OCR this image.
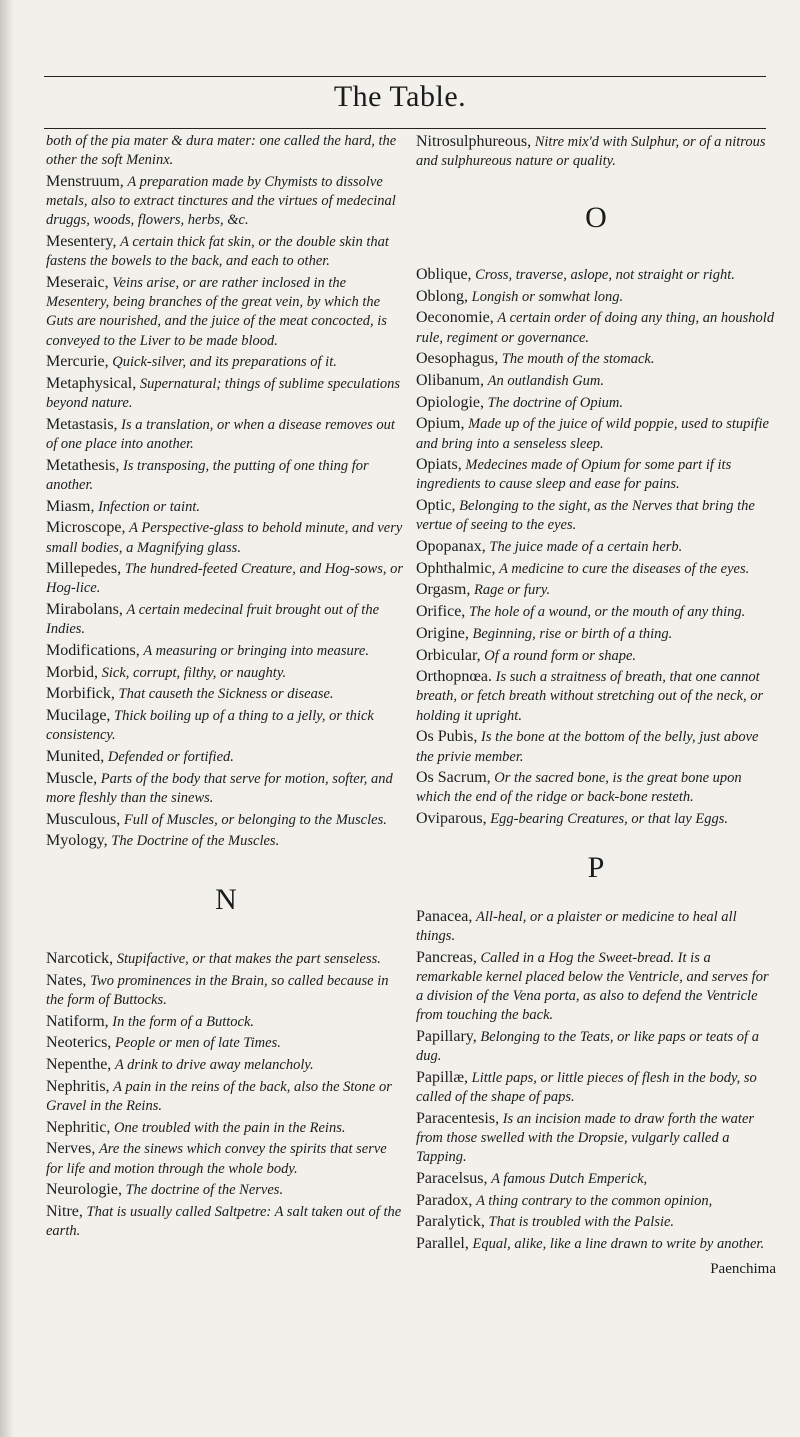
The Table.
both of the pia mater & dura mater: one called the hard, the other the soft Meninx.
Menstruum, A preparation made by Chymists to dissolve metals, also to extract tinctures and the virtues of medecinal druggs, woods, flowers, herbs, &c.
Mesentery, A certain thick fat skin, or the double skin that fastens the bowels to the back, and each to other.
Meseraic, Veins arise, or are rather inclosed in the Mesentery, being branches of the great vein, by which the Guts are nourished, and the juice of the meat concocted, is conveyed to the Liver to be made blood.
Mercurie, Quick-silver, and its preparations of it.
Metaphysical, Supernatural; things of sublime speculations beyond nature.
Metastasis, Is a translation, or when a disease removes out of one place into another.
Metathesis, Is transposing, the putting of one thing for another.
Miasm, Infection or taint.
Microscope, A Perspective-glass to behold minute, and very small bodies, a Magnifying glass.
Millepedes, The hundred-feeted Creature, and Hog-sows, or Hog-lice.
Mirabolans, A certain medecinal fruit brought out of the Indies.
Modifications, A measuring or bringing into measure.
Morbid, Sick, corrupt, filthy, or naughty.
Morbifick, That causeth the Sickness or disease.
Mucilage, Thick boiling up of a thing to a jelly, or thick consistency.
Munited, Defended or fortified.
Muscle, Parts of the body that serve for motion, softer, and more fleshly than the sinews.
Musculous, Full of Muscles, or belonging to the Muscles.
Myology, The Doctrine of the Muscles.
N
Narcotick, Stupifactive, or that makes the part senseless.
Nates, Two prominences in the Brain, so called because in the form of Buttocks.
Natiform, In the form of a Buttock.
Neoterics, People or men of late Times.
Nepenthe, A drink to drive away melancholy.
Nephritis, A pain in the reins of the back, also the Stone or Gravel in the Reins.
Nephritic, One troubled with the pain in the Reins.
Nerves, Are the sinews which convey the spirits that serve for life and motion through the whole body.
Neurologie, The doctrine of the Nerves.
Nitre, That is usually called Saltpetre: A salt taken out of the earth.
Nitrosulphureous, Nitre mix'd with Sulphur, or of a nitrous and sulphureous nature or quality.
O
Oblique, Cross, traverse, aslope, not straight or right.
Oblong, Longish or somwhat long.
Oeconomie, A certain order of doing any thing, an houshold rule, regiment or governance.
Oesophagus, The mouth of the stomack.
Olibanum, An outlandish Gum.
Opiologie, The doctrine of Opium.
Opium, Made up of the juice of wild poppie, used to stupifie and bring into a senseless sleep.
Opiats, Medecines made of Opium for some part if its ingredients to cause sleep and ease for pains.
Optic, Belonging to the sight, as the Nerves that bring the vertue of seeing to the eyes.
Opopanax, The juice made of a certain herb.
Ophthalmic, A medicine to cure the diseases of the eyes.
Orgasm, Rage or fury.
Orifice, The hole of a wound, or the mouth of any thing.
Origine, Beginning, rise or birth of a thing.
Orbicular, Of a round form or shape.
Orthopnœa. Is such a straitness of breath, that one cannot breath, or fetch breath without stretching out of the neck, or holding it upright.
Os Pubis, Is the bone at the bottom of the belly, just above the privie member.
Os Sacrum, Or the sacred bone, is the great bone upon which the end of the ridge or back-bone resteth.
Oviparous, Egg-bearing Creatures, or that lay Eggs.
P
Panacea, All-heal, or a plaister or medicine to heal all things.
Pancreas, Called in a Hog the Sweet-bread. It is a remarkable kernel placed below the Ventricle, and serves for a division of the Vena porta, as also to defend the Ventricle from touching the back.
Papillary, Belonging to the Teats, or like paps or teats of a dug.
Papillæ, Little paps, or little pieces of flesh in the body, so called of the shape of paps.
Paracentesis, Is an incision made to draw forth the water from those swelled with the Dropsie, vulgarly called a Tapping.
Paracelsus, A famous Dutch Emperick,
Paradox, A thing contrary to the common opinion,
Paralytick, That is troubled with the Palsie.
Parallel, Equal, alike, like a line drawn to write by another.
Paenchima
